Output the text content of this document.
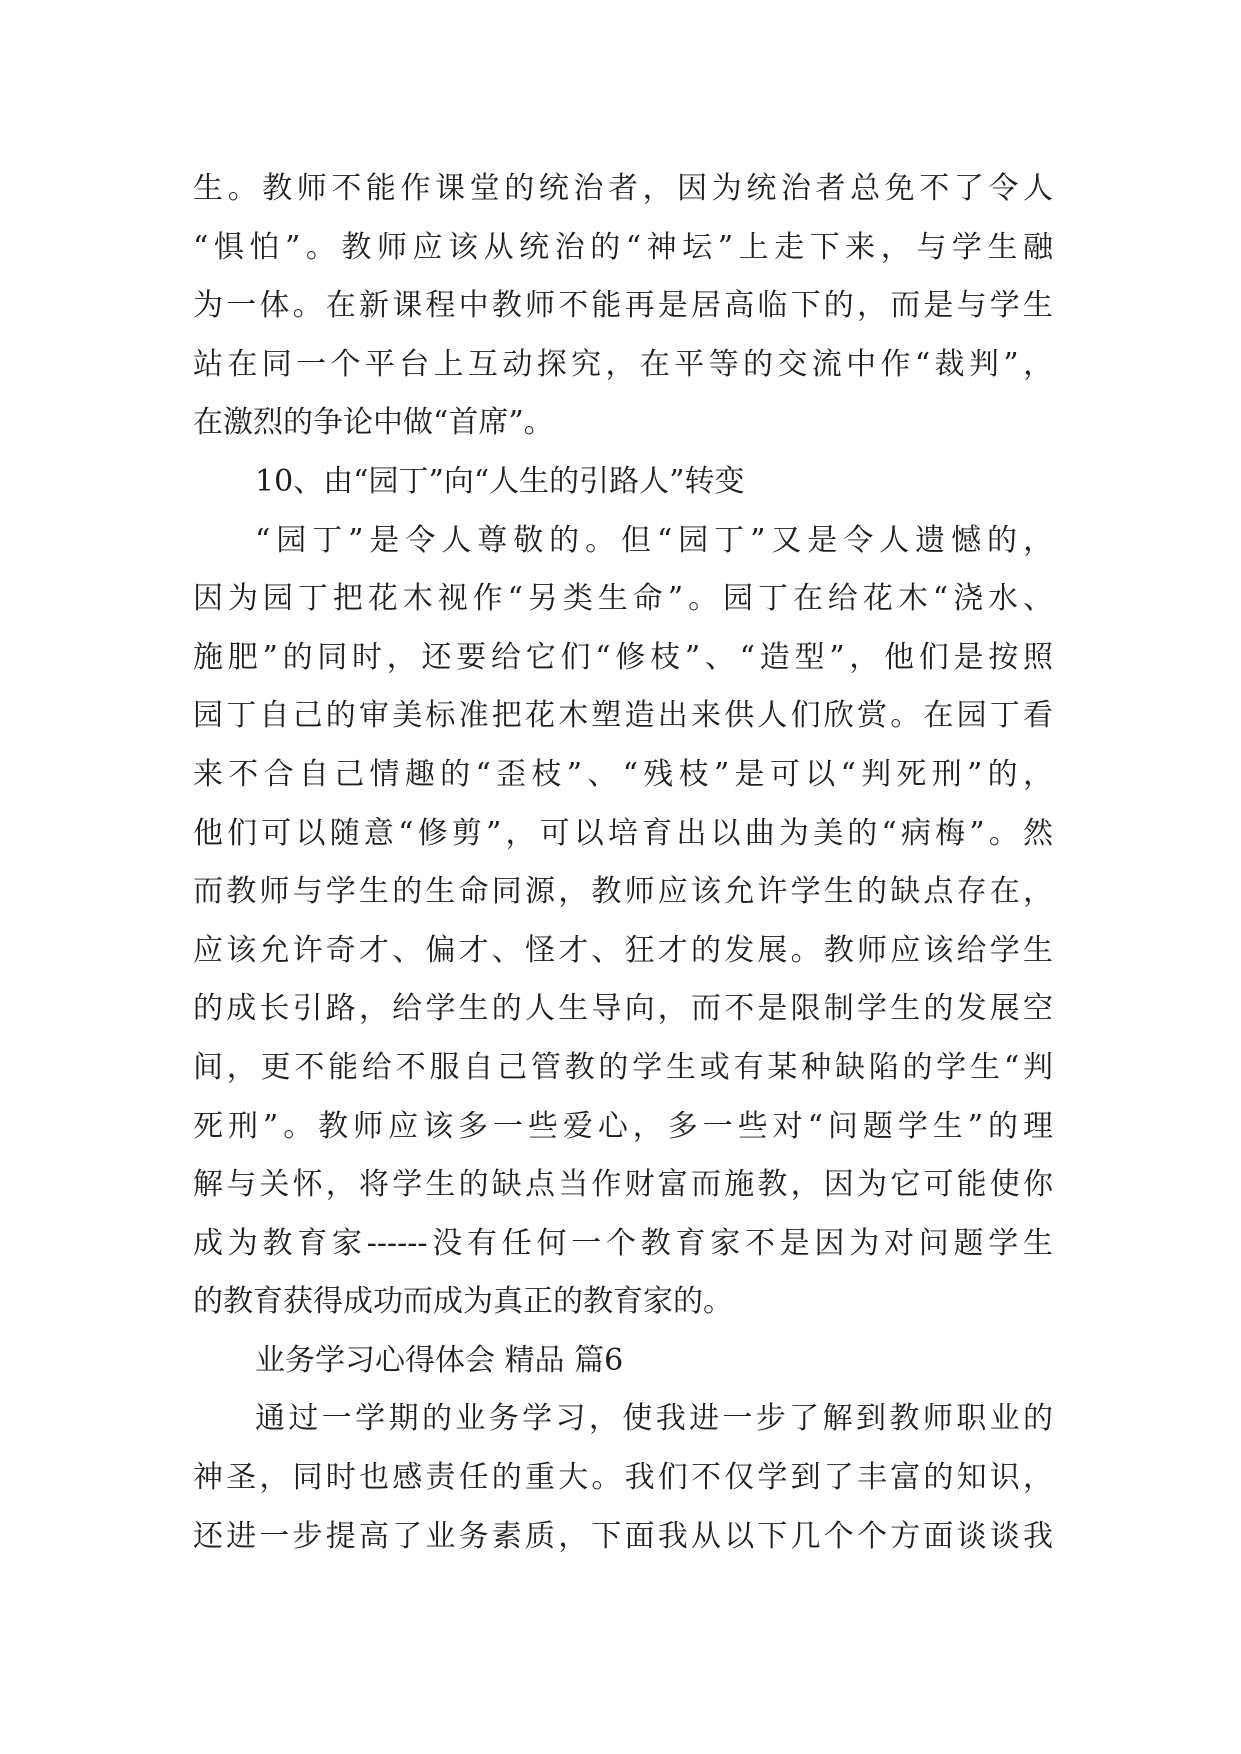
生。教师不能作课堂的统治者，因为统治者总免不了令人
“惧怕”。教师应该从统治的“神坛”上走下来，与学生融
为一体。在新课程中教师不能再是居高临下的，而是与学生
站在同一个平台上互动探究，在平等的交流中作“裁判”，
在激烈的争论中做“首席”。
10、由“园丁”向“人生的引路人”转变
“园丁”是令人尊敬的。但“园丁”又是令人遗憾的，
因为园丁把花木视作“另类生命”。园丁在给花木“浇水、
施肥”的同时，还要给它们“修枝”、“造型”，他们是按照
园丁自己的审美标准把花木塑造出来供人们欣赏。在园丁看
来不合自己情趣的“歪枝”、“残枝”是可以“判死刑”的，
他们可以随意“修剪”，可以培育出以曲为美的“病梅”。然
而教师与学生的生命同源，教师应该允许学生的缺点存在，
应该允许奇才、偏才、怪才、狂才的发展。教师应该给学生
的成长引路，给学生的人生导向，而不是限制学生的发展空
间，更不能给不服自己管教的学生或有某种缺陷的学生“判
死刑”。教师应该多一些爱心，多一些对“问题学生”的理
解与关怀，将学生的缺点当作财富而施教，因为它可能使你
成为教育家------没有任何一个教育家不是因为对问题学生
的教育获得成功而成为真正的教育家的。
业务学习心得体会 精品 篇6
通过一学期的业务学习，使我进一步了解到教师职业的
神圣，同时也感责任的重大。我们不仅学到了丰富的知识，
还进一步提高了业务素质，下面我从以下几个个方面谈谈我
